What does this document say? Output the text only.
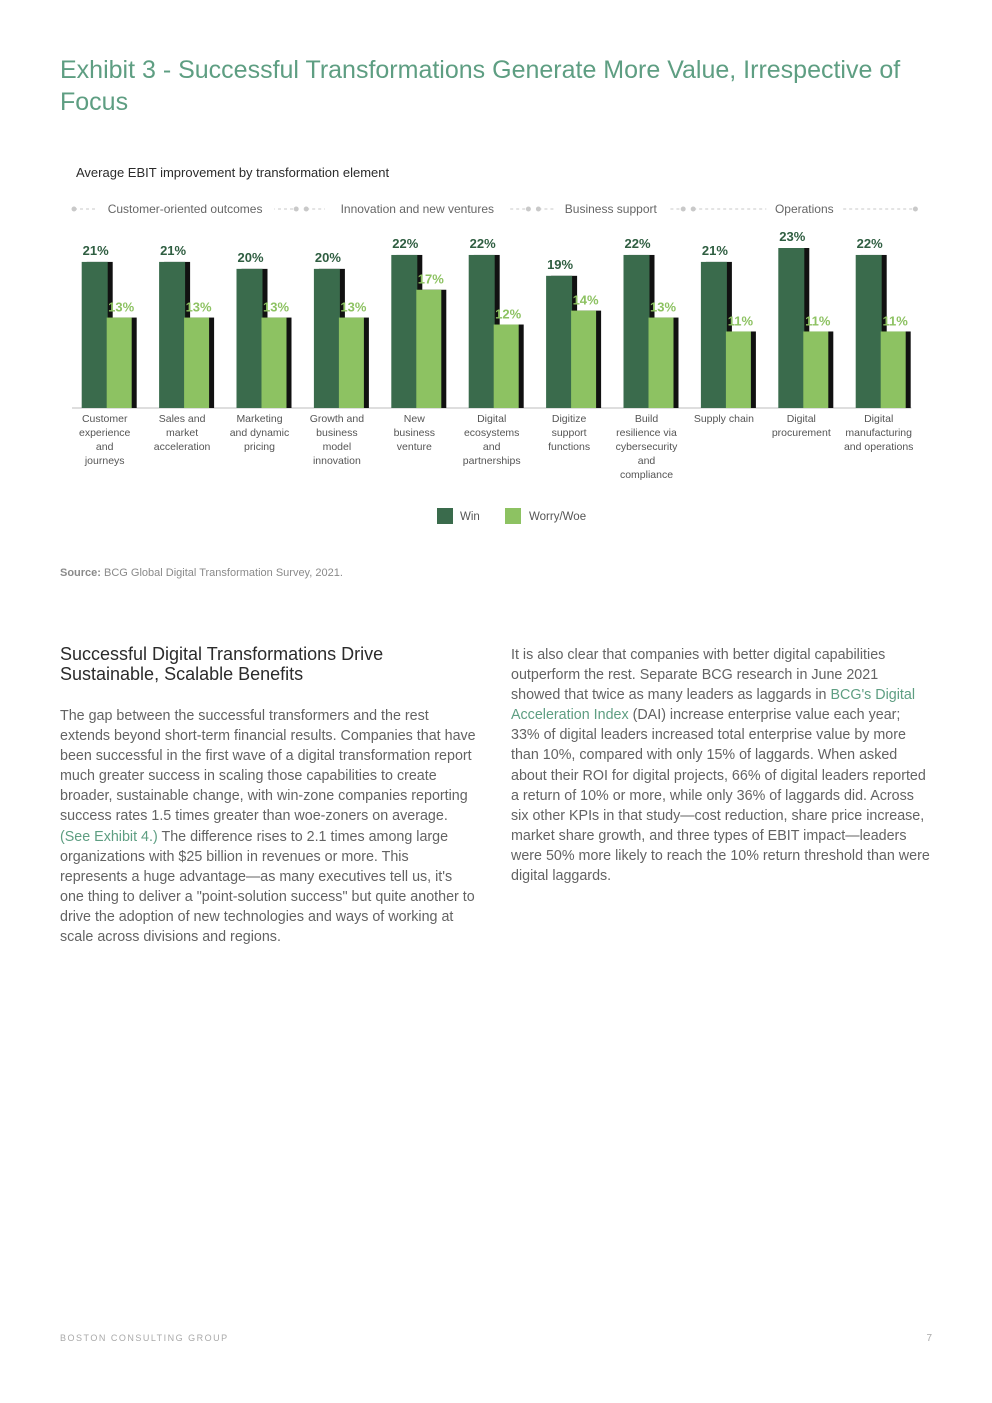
Exhibit 3 - Successful Transformations Generate More Value, Irrespective of Focus
Average EBIT improvement by transformation element
Customer-oriented outcomes	Innovation and new ventures	Business support	Operations
21%
13%
Customer
experience
and
journeys
21%
13%
Sales and
market
acceleration
20%
13%
Marketing
and dynamic
pricing
20%
13%
Growth and
business
model
innovation
22%
17%
New
business
venture
22%
12%
Digital
ecosystems
and
partnerships
19%
14%
Digitize
support
functions
22%
13%
Build
resilience via
cybersecurity
and
compliance
21%
11%
Supply chain
23%
11%
Digital
procurement
22%
11%
Digital
manufacturing
and operations
Win	Worry/Woe
Source: BCG Global Digital Transformation Survey, 2021.
Successful Digital Transformations Drive Sustainable, Scalable Benefits

The gap between the successful transformers and the rest extends beyond short-term financial results. Companies that have been successful in the first wave of a digital transformation report much greater success in scaling those capabilities to create broader, sustainable change, with win-zone companies reporting success rates 1.5 times greater than woe-zoners on average. (See Exhibit 4.) The difference rises to 2.1 times among large organizations with $25 billion in revenues or more. This represents a huge advantage—as many executives tell us, it's one thing to deliver a "point-solution success" but quite another to drive the adoption of new technologies and ways of working at scale across divisions and regions.

It is also clear that companies with better digital capabilities outperform the rest. Separate BCG research in June 2021 showed that twice as many leaders as laggards in BCG's Digital Acceleration Index (DAI) increase enterprise value each year; 33% of digital leaders increased total enterprise value by more than 10%, compared with only 15% of laggards. When asked about their ROI for digital projects, 66% of digital leaders reported a return of 10% or more, while only 36% of laggards did. Across six other KPIs in that study—cost reduction, share price increase, market share growth, and three types of EBIT impact—leaders were 50% more likely to reach the 10% return threshold than were digital laggards.

BOSTON CONSULTING GROUP	7
